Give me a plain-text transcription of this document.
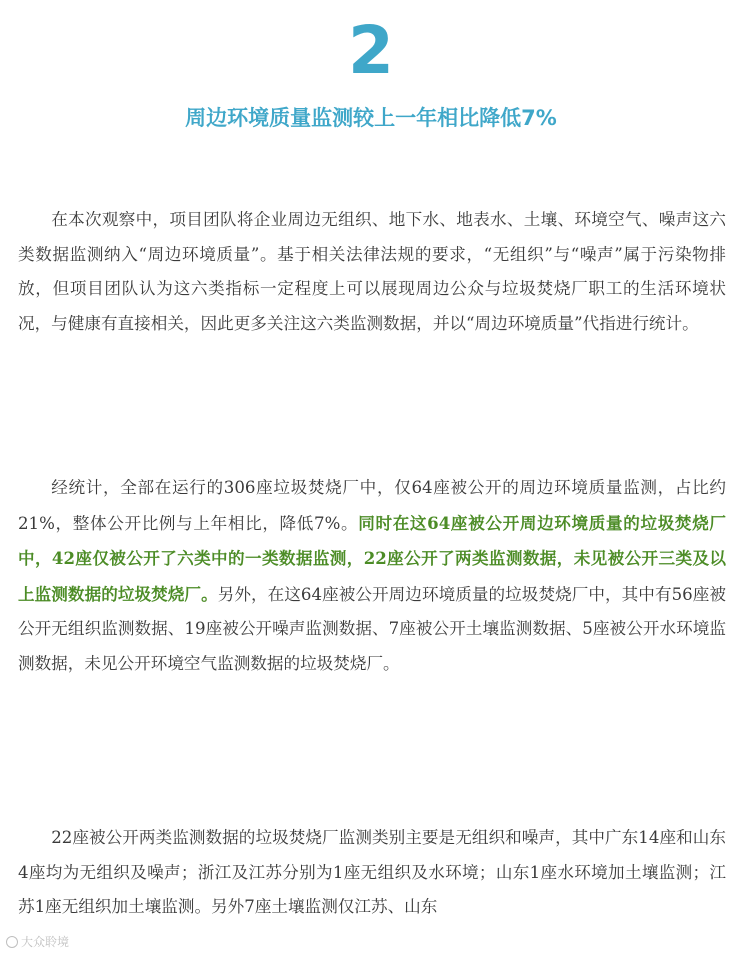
2
周边环境质量监测较上一年相比降低7%

在本次观察中，项目团队将企业周边无组织、地下水、地表水、土壤、环境空气、噪声这六类数据监测纳入“周边环境质量”。基于相关法律法规的要求，“无组织”与“噪声”属于污染物排放，但项目团队认为这六类指标一定程度上可以展现周边公众与垃圾焚烧厂职工的生活环境状况，与健康有直接相关，因此更多关注这六类监测数据，并以“周边环境质量”代指进行统计。

经统计，全部在运行的306座垃圾焚烧厂中，仅64座被公开的周边环境质量监测，占比约21%，整体公开比例与上年相比，降低7%。同时在这64座被公开周边环境质量的垃圾焚烧厂中，42座仅被公开了六类中的一类数据监测，22座公开了两类监测数据，未见被公开三类及以上监测数据的垃圾焚烧厂。另外，在这64座被公开周边环境质量的垃圾焚烧厂中，其中有56座被公开无组织监测数据、19座被公开噪声监测数据、7座被公开土壤监测数据、5座被公开水环境监测数据，未见公开环境空气监测数据的垃圾焚烧厂。

22座被公开两类监测数据的垃圾焚烧厂监测类别主要是无组织和噪声，其中广东14座和山东4座均为无组织及噪声；浙江及江苏分别为1座无组织及水环境；山东1座水环境加土壤监测；江苏1座无组织加土壤监测。另外7座土壤监测仅江苏、山东

大众聆境
